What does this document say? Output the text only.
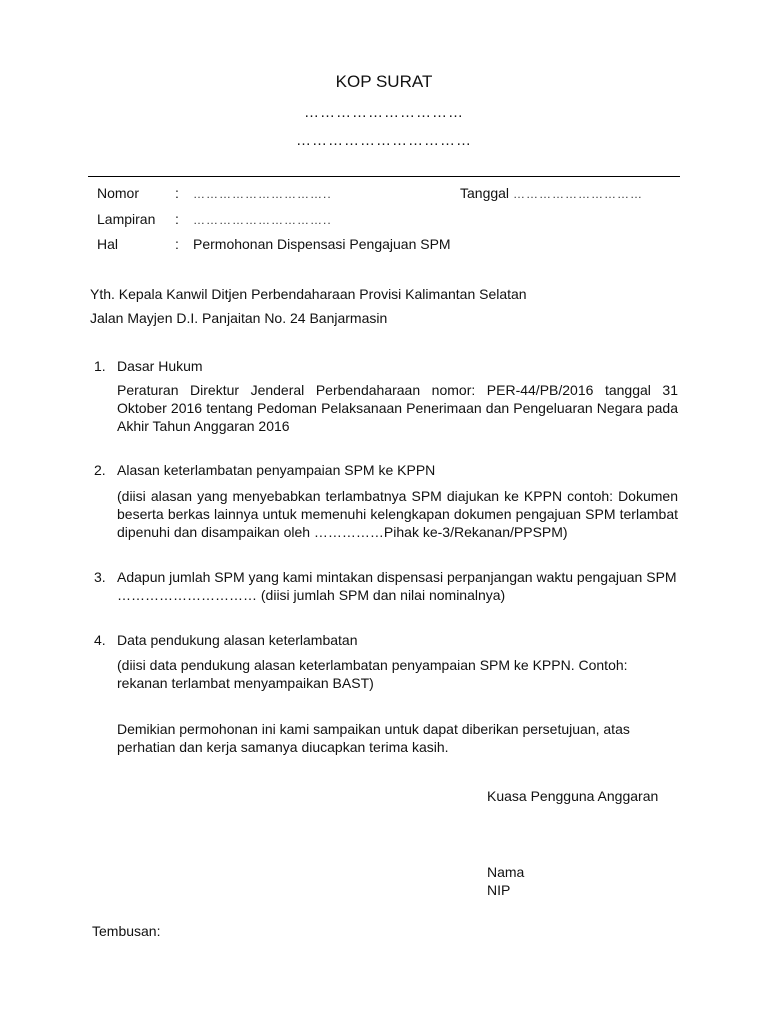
KOP SURAT
…………………………
……………………………
Nomor	: …………………………..	Tanggal …………………………
Lampiran : …………………………..
Hal	: Permohonan Dispensasi Pengajuan SPM
Yth. Kepala Kanwil Ditjen Perbendaharaan Provisi Kalimantan Selatan
Jalan Mayjen D.I. Panjaitan No. 24 Banjarmasin
1. Dasar Hukum
Peraturan Direktur Jenderal Perbendaharaan nomor: PER-44/PB/2016 tanggal 31 Oktober 2016 tentang Pedoman Pelaksanaan Penerimaan dan Pengeluaran Negara pada Akhir Tahun Anggaran 2016
2. Alasan keterlambatan penyampaian SPM ke KPPN
(diisi alasan yang menyebabkan terlambatnya SPM diajukan ke KPPN contoh: Dokumen beserta berkas lainnya untuk memenuhi kelengkapan dokumen pengajuan SPM terlambat dipenuhi dan disampaikan oleh ……………Pihak ke-3/Rekanan/PPSPM)
3. Adapun jumlah SPM yang kami mintakan dispensasi perpanjangan waktu pengajuan SPM
………………………… (diisi jumlah SPM dan nilai nominalnya)
4. Data pendukung alasan keterlambatan
(diisi data pendukung alasan keterlambatan penyampaian SPM ke KPPN. Contoh: rekanan terlambat menyampaikan BAST)
Demikian permohonan ini kami sampaikan untuk dapat diberikan persetujuan, atas perhatian dan kerja samanya diucapkan terima kasih.
Kuasa Pengguna Anggaran
Nama
NIP
Tembusan:
